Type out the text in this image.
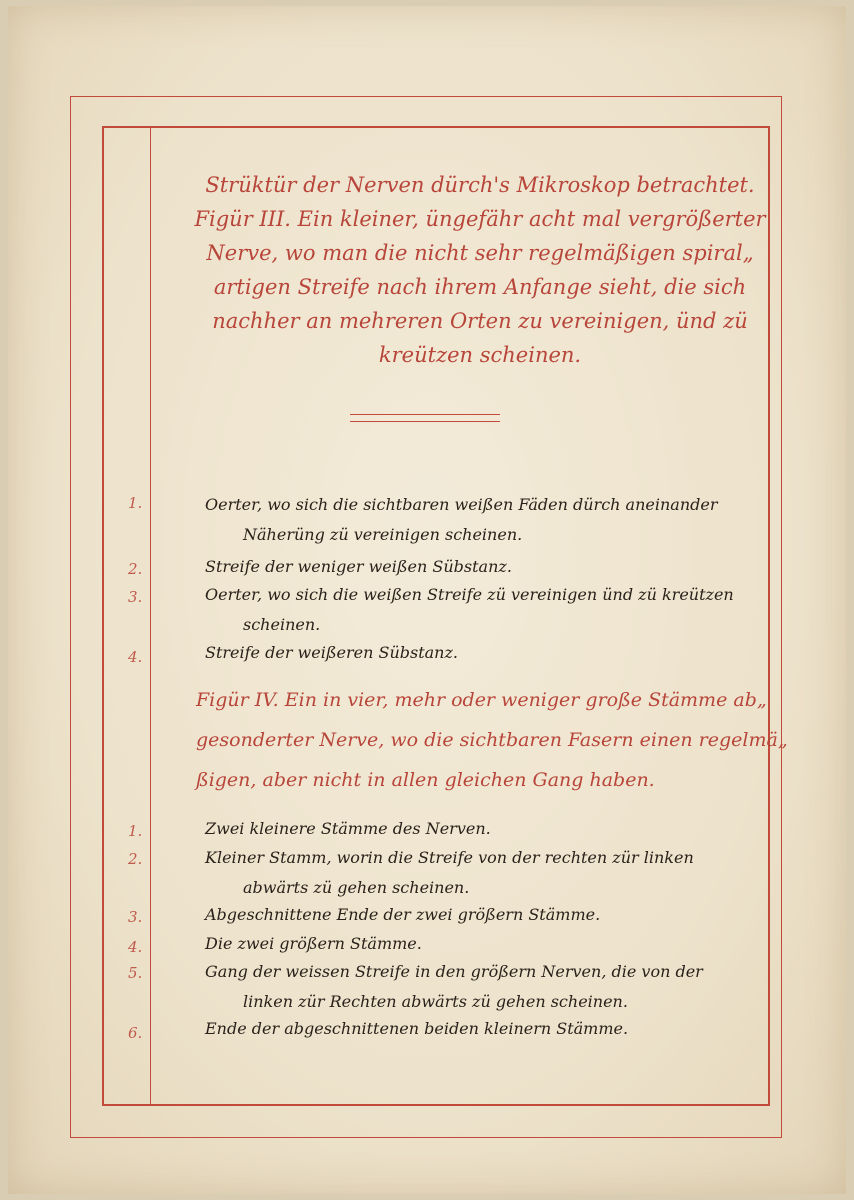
Strüktür der Nerven dürch's Mikroskop betrachtet.
Figür III. Ein kleiner, üngefähr acht mal vergrößerter
Nerve, wo man die nicht sehr regelmäßigen spiral„
artigen Streife nach ihrem Anfange sieht, die sich
nachher an mehreren Orten zu vereinigen, ünd zü
kreützen scheinen.
1.	Oerter, wo sich die sichtbaren weißen Fäden dürch aneinander
Näherüng zü vereinigen scheinen.
2.	Streife der weniger weißen Sübstanz.
3.	Oerter, wo sich die weißen Streife zü vereinigen ünd zü kreützen
scheinen.
4.	Streife der weißeren Sübstanz.
Figür IV. Ein in vier, mehr oder weniger große Stämme ab„
gesonderter Nerve, wo die sichtbaren Fasern einen regelmä„
ßigen, aber nicht in allen gleichen Gang haben.
1.	Zwei kleinere Stämme des Nerven.
2.	Kleiner Stamm, worin die Streife von der rechten zür linken
abwärts zü gehen scheinen.
3.	Abgeschnittene Ende der zwei größern Stämme.
4.	Die zwei größern Stämme.
5.	Gang der weissen Streife in den größern Nerven, die von der
linken zür Rechten abwärts zü gehen scheinen.
6.	Ende der abgeschnittenen beiden kleinern Stämme.
